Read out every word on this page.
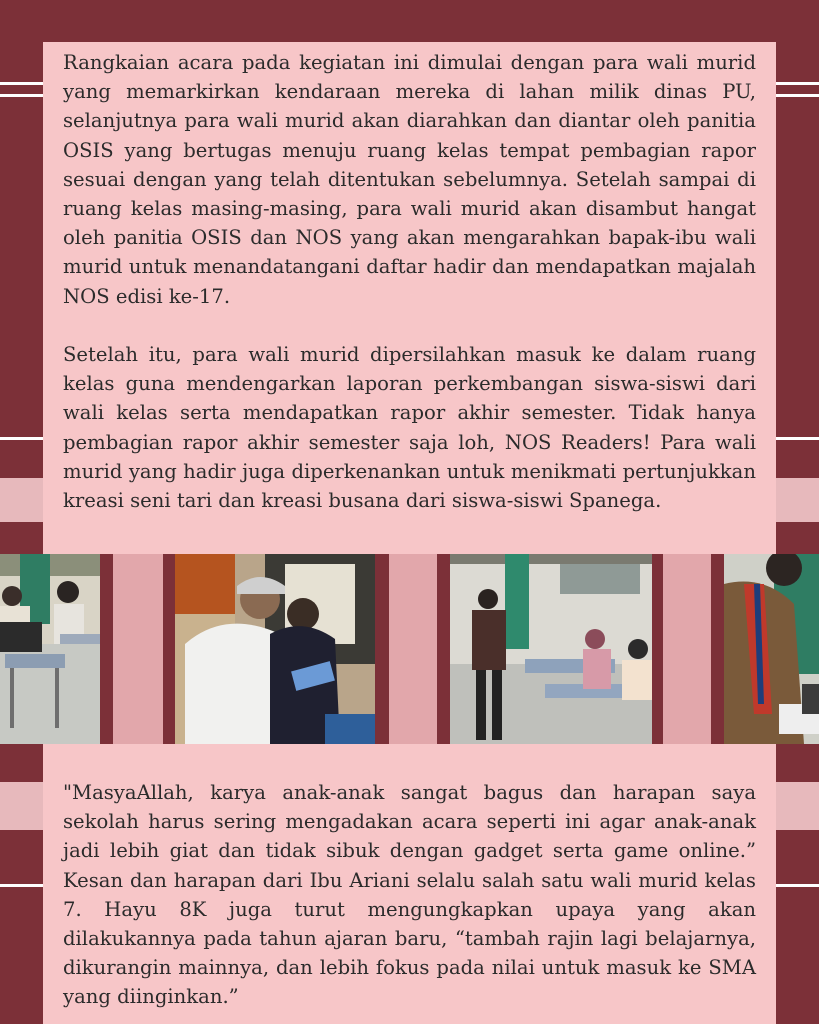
Rangkaian acara pada kegiatan ini dimulai dengan para wali murid yang memarkirkan kendaraan mereka di lahan milik dinas PU, selanjutnya para wali murid akan diarahkan dan diantar oleh panitia OSIS yang bertugas menuju ruang kelas tempat pembagian rapor sesuai dengan yang telah ditentukan sebelumnya. Setelah sampai di ruang kelas masing-masing, para wali murid akan disambut hangat oleh panitia OSIS dan NOS yang akan mengarahkan bapak-ibu wali murid untuk menandatangani daftar hadir dan mendapatkan majalah NOS edisi ke-17.

Setelah itu, para wali murid dipersilahkan masuk ke dalam ruang kelas guna mendengarkan laporan perkembangan siswa-siswi dari wali kelas serta mendapatkan rapor akhir semester. Tidak hanya pembagian rapor akhir semester saja loh, NOS Readers! Para wali murid yang hadir juga diperkenankan untuk menikmati pertunjukkan kreasi seni tari dan kreasi busana dari siswa-siswi Spanega.

"MasyaAllah, karya anak-anak sangat bagus dan harapan saya sekolah harus sering mengadakan acara seperti ini agar anak-anak jadi lebih giat dan tidak sibuk dengan gadget serta game online.” Kesan dan harapan dari Ibu Ariani selalu salah satu wali murid kelas 7. Hayu 8K juga turut mengungkapkan upaya yang akan dilakukannya pada tahun ajaran baru, “tambah rajin lagi belajarnya, dikurangin mainnya, dan lebih fokus pada nilai untuk masuk ke SMA yang diinginkan.”
